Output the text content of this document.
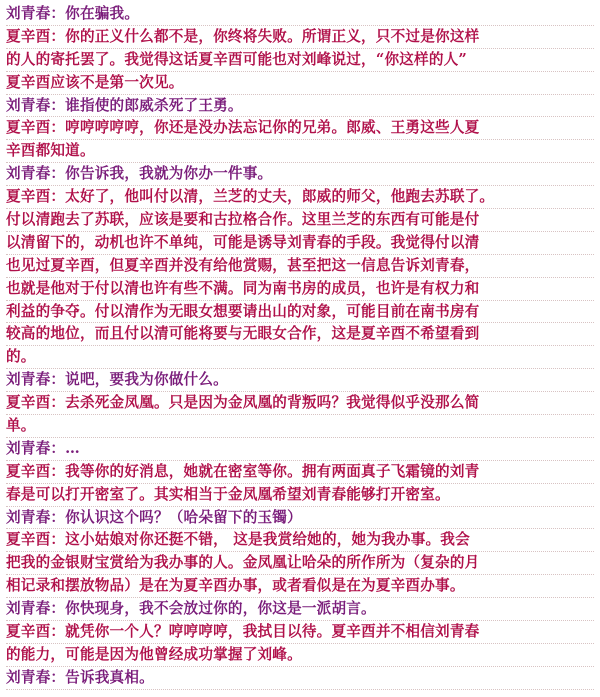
刘青春：你在骗我。
夏辛酉：你的正义什么都不是，你终将失败。所谓正义，只不过是你这样
的人的寄托罢了。我觉得这话夏辛酉可能也对刘峰说过，“你这样的人”
夏辛酉应该不是第一次见。
刘青春：谁指使的郎威杀死了王勇。
夏辛酉：哼哼哼哼哼，你还是没办法忘记你的兄弟。郎威、王勇这些人夏
辛酉都知道。
刘青春：你告诉我，我就为你办一件事。
夏辛酉：太好了，他叫付以清，兰芝的丈夫，郎威的师父，他跑去苏联了。
付以清跑去了苏联，应该是要和古拉格合作。这里兰芝的东西有可能是付
以清留下的，动机也许不单纯，可能是诱导刘青春的手段。我觉得付以清
也见过夏辛酉，但夏辛酉并没有给他赏赐，甚至把这一信息告诉刘青春，
也就是他对于付以清也许有些不满。同为南书房的成员，也许是有权力和
利益的争夺。付以清作为无眼女想要请出山的对象，可能目前在南书房有
较高的地位，而且付以清可能将要与无眼女合作，这是夏辛酉不希望看到
的。
刘青春：说吧，要我为你做什么。
夏辛酉：去杀死金凤凰。只是因为金凤凰的背叛吗？我觉得似乎没那么简
单。
刘青春：…
夏辛酉：我等你的好消息，她就在密室等你。拥有两面真子飞霜镜的刘青
春是可以打开密室了。其实相当于金凤凰希望刘青春能够打开密室。
刘青春：你认识这个吗？（哈朵留下的玉镯）
夏辛酉：这小姑娘对你还挺不错， 这是我赏给她的，她为我办事。我会
把我的金银财宝赏给为我办事的人。金凤凰让哈朵的所作所为（复杂的月
相记录和摆放物品）是在为夏辛酉办事，或者看似是在为夏辛酉办事。
刘青春：你快现身，我不会放过你的，你这是一派胡言。
夏辛酉：就凭你一个人？哼哼哼哼，我拭目以待。夏辛酉并不相信刘青春
的能力，可能是因为他曾经成功掌握了刘峰。
刘青春：告诉我真相。
